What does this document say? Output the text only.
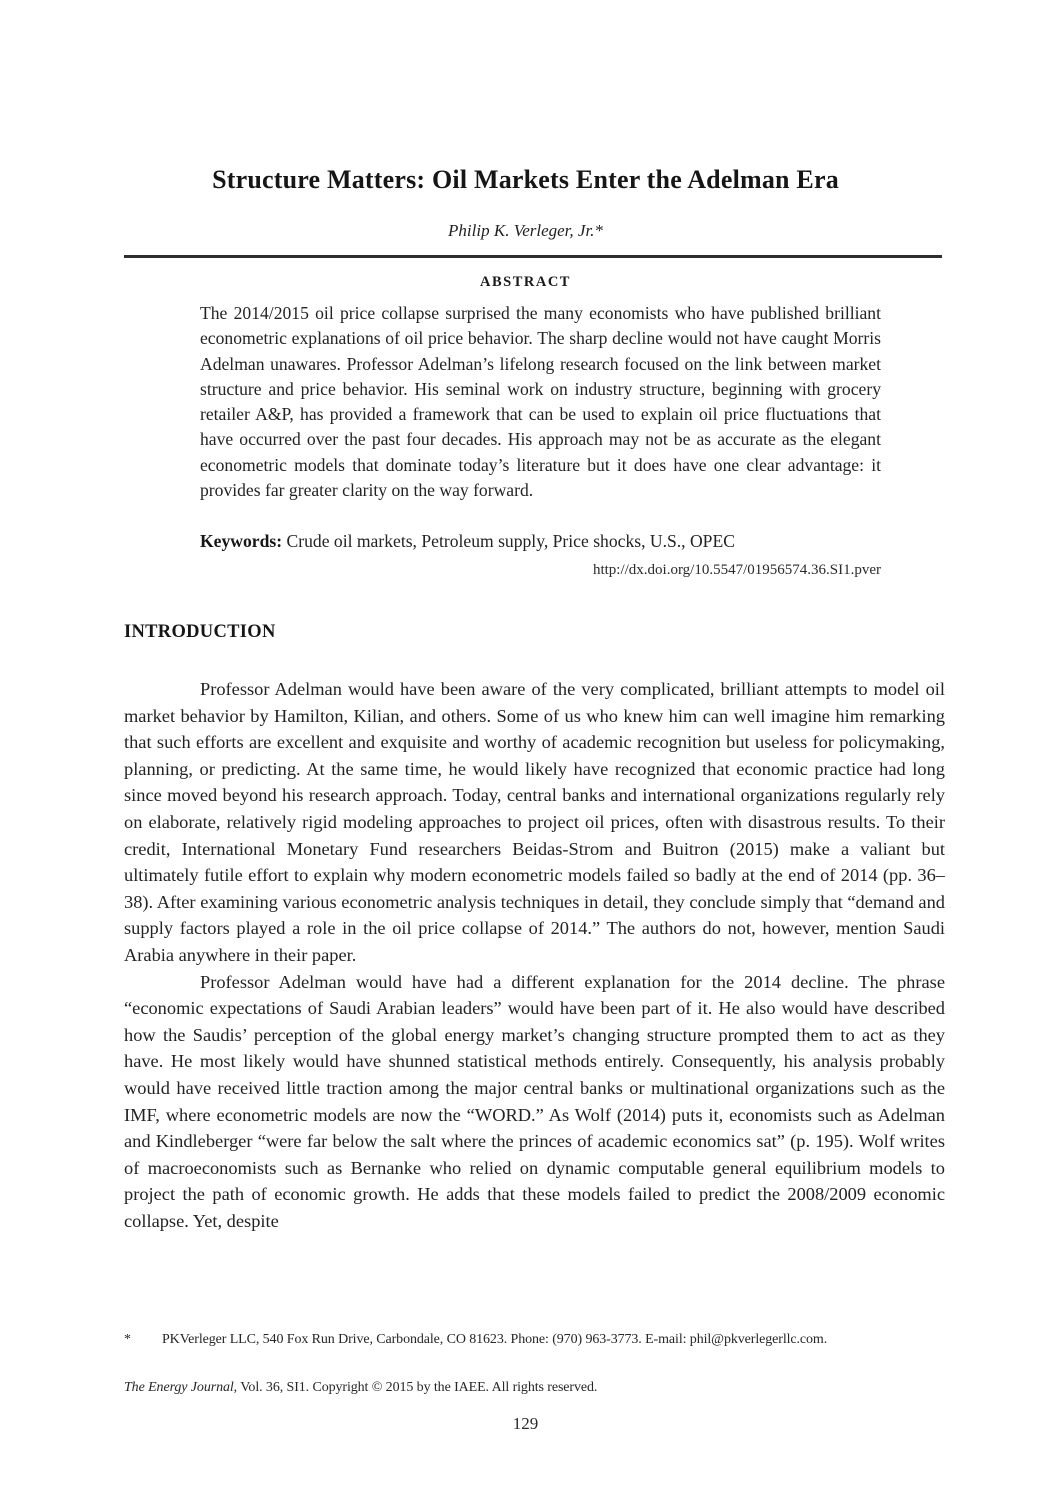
Structure Matters: Oil Markets Enter the Adelman Era
Philip K. Verleger, Jr.*
ABSTRACT
The 2014/2015 oil price collapse surprised the many economists who have published brilliant econometric explanations of oil price behavior. The sharp decline would not have caught Morris Adelman unawares. Professor Adelman’s lifelong research focused on the link between market structure and price behavior. His seminal work on industry structure, beginning with grocery retailer A&P, has provided a framework that can be used to explain oil price fluctuations that have occurred over the past four decades. His approach may not be as accurate as the elegant econometric models that dominate today’s literature but it does have one clear advantage: it provides far greater clarity on the way forward.
Keywords: Crude oil markets, Petroleum supply, Price shocks, U.S., OPEC
http://dx.doi.org/10.5547/01956574.36.SI1.pver
INTRODUCTION

Professor Adelman would have been aware of the very complicated, brilliant attempts to model oil market behavior by Hamilton, Kilian, and others. Some of us who knew him can well imagine him remarking that such efforts are excellent and exquisite and worthy of academic recognition but useless for policymaking, planning, or predicting. At the same time, he would likely have recognized that economic practice had long since moved beyond his research approach. Today, central banks and international organizations regularly rely on elaborate, relatively rigid modeling approaches to project oil prices, often with disastrous results. To their credit, International Monetary Fund researchers Beidas-Strom and Buitron (2015) make a valiant but ultimately futile effort to explain why modern econometric models failed so badly at the end of 2014 (pp. 36–38). After examining various econometric analysis techniques in detail, they conclude simply that “demand and supply factors played a role in the oil price collapse of 2014.” The authors do not, however, mention Saudi Arabia anywhere in their paper.

Professor Adelman would have had a different explanation for the 2014 decline. The phrase “economic expectations of Saudi Arabian leaders” would have been part of it. He also would have described how the Saudis’ perception of the global energy market’s changing structure prompted them to act as they have. He most likely would have shunned statistical methods entirely. Consequently, his analysis probably would have received little traction among the major central banks or multinational organizations such as the IMF, where econometric models are now the “WORD.” As Wolf (2014) puts it, economists such as Adelman and Kindleberger “were far below the salt where the princes of academic economics sat” (p. 195). Wolf writes of macroeconomists such as Bernanke who relied on dynamic computable general equilibrium models to project the path of economic growth. He adds that these models failed to predict the 2008/2009 economic collapse. Yet, despite

*	PKVerleger LLC, 540 Fox Run Drive, Carbondale, CO 81623. Phone: (970) 963-3773. E-mail: phil@pkverlegerllc.com.
The Energy Journal, Vol. 36, SI1. Copyright © 2015 by the IAEE. All rights reserved.
129
